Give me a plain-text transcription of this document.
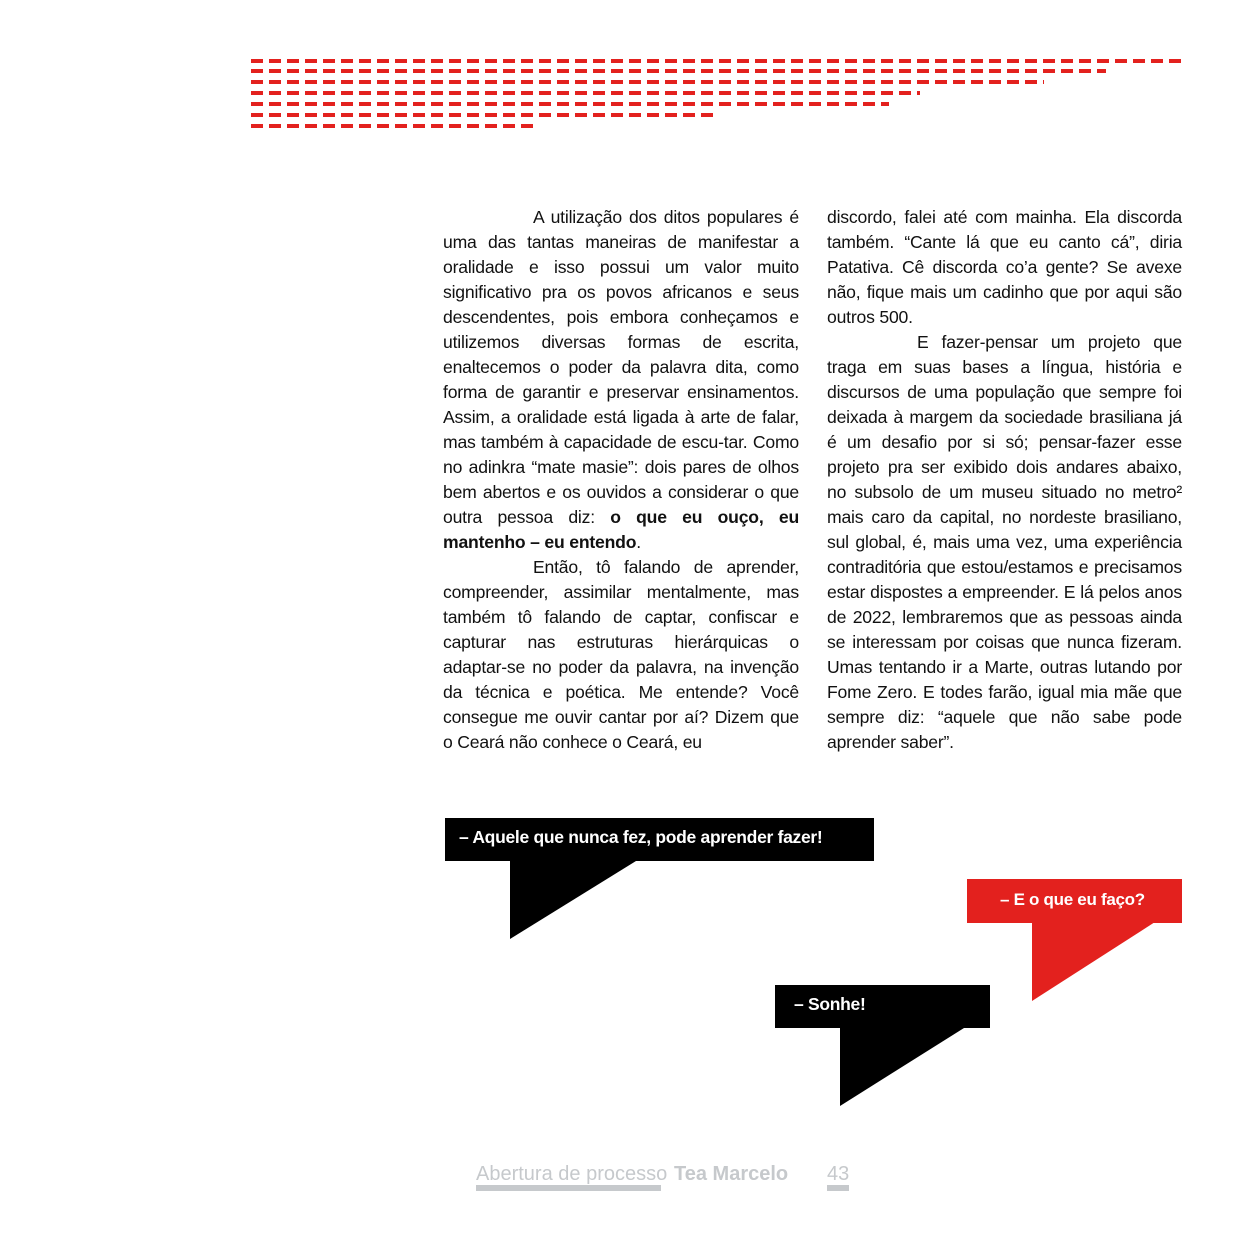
A utilização dos ditos populares é uma das tantas maneiras de manifestar a oralidade e isso possui um valor muito significativo pra os povos africanos e seus descendentes, pois embora conheçamos e utilizemos diversas formas de escrita, enaltecemos o poder da palavra dita, como forma de garantir e preservar ensinamentos. Assim, a oralidade está ligada à arte de falar, mas também à capacidade de escu-tar. Como no adinkra “mate masie”: dois pares de olhos bem abertos e os ouvidos a considerar o que outra pessoa diz: o que eu ouço, eu mantenho – eu entendo.

Então, tô falando de aprender, compreender, assimilar mentalmente, mas também tô falando de captar, confiscar e capturar nas estruturas hierárquicas o adaptar-se no poder da palavra, na invenção da técnica e poética. Me entende? Você consegue me ouvir cantar por aí? Dizem que o Ceará não conhece o Ceará, eu

discordo, falei até com mainha. Ela discorda também. “Cante lá que eu canto cá”, diria Patativa. Cê discorda co’a gente? Se avexe não, fique mais um cadinho que por aqui são outros 500.

E fazer-pensar um projeto que traga em suas bases a língua, história e discursos de uma população que sempre foi deixada à margem da sociedade brasiliana já é um desafio por si só; pensar-fazer esse projeto pra ser exibido dois andares abaixo, no subsolo de um museu situado no metro² mais caro da capital, no nordeste brasiliano, sul global, é, mais uma vez, uma experiência contraditória que estou/estamos e precisamos estar dispostes a empreender. E lá pelos anos de 2022, lembraremos que as pessoas ainda se interessam por coisas que nunca fizeram. Umas tentando ir a Marte, outras lutando por Fome Zero. E todes farão, igual mia mãe que sempre diz: “aquele que não sabe pode aprender saber”.

– Aquele que nunca fez, pode aprender fazer!
– E o que eu faço?
– Sonhe!
Abertura de processo Tea Marcelo 43
